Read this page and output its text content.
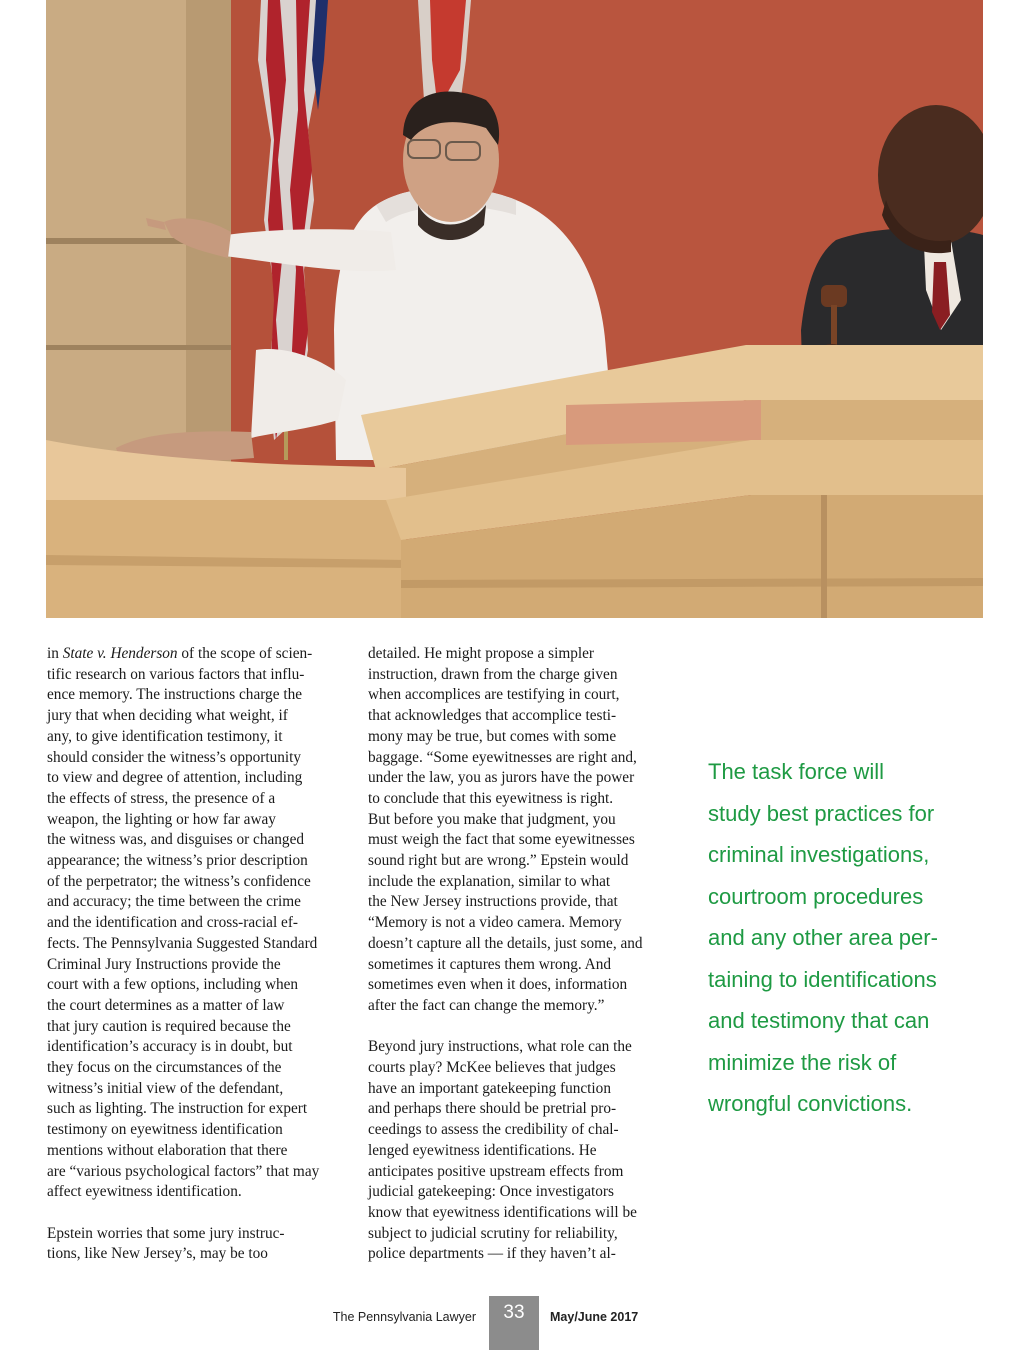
in State v. Henderson of the scope of scien-

tific research on various factors that influ-

ence memory. The instructions charge the

jury that when deciding what weight, if

any, to give identification testimony, it

should consider the witness’s opportunity

to view and degree of attention, including

the effects of stress, the presence of a

weapon, the lighting or how far away

the witness was, and disguises or changed

appearance; the witness’s prior description

of the perpetrator; the witness’s confidence

and accuracy; the time between the crime

and the identification and cross-racial ef-

fects. The Pennsylvania Suggested Standard

Criminal Jury Instructions provide the

court with a few options, including when

the court determines as a matter of law

that jury caution is required because the

identification’s accuracy is in doubt, but

they focus on the circumstances of the

witness’s initial view of the defendant,

such as lighting. The instruction for expert

testimony on eyewitness identification

mentions without elaboration that there

are “various psychological factors” that may

affect eyewitness identification.

Epstein worries that some jury instruc-

tions, like New Jersey’s, may be too

detailed. He might propose a simpler

instruction, drawn from the charge given

when accomplices are testifying in court,

that acknowledges that accomplice testi-

mony may be true, but comes with some

baggage. “Some eyewitnesses are right and,

under the law, you as jurors have the power

to conclude that this eyewitness is right.

But before you make that judgment, you

must weigh the fact that some eyewitnesses

sound right but are wrong.” Epstein would

include the explanation, similar to what

the New Jersey instructions provide, that

“Memory is not a video camera. Memory

doesn’t capture all the details, just some, and

sometimes it captures them wrong. And

sometimes even when it does, information

after the fact can change the memory.”

Beyond jury instructions, what role can the

courts play? McKee believes that judges

have an important gatekeeping function

and perhaps there should be pretrial pro-

ceedings to assess the credibility of chal-

lenged eyewitness identifications. He

anticipates positive upstream effects from

judicial gatekeeping: Once investigators

know that eyewitness identifications will be

subject to judicial scrutiny for reliability,

police departments — if they haven’t al-

The task force will

study best practices for

criminal investigations,

courtroom procedures

and any other area per-

taining to identifications

and testimony that can

minimize the risk of

wrongful convictions.

The Pennsylvania Lawyer	33	May/June 2017
